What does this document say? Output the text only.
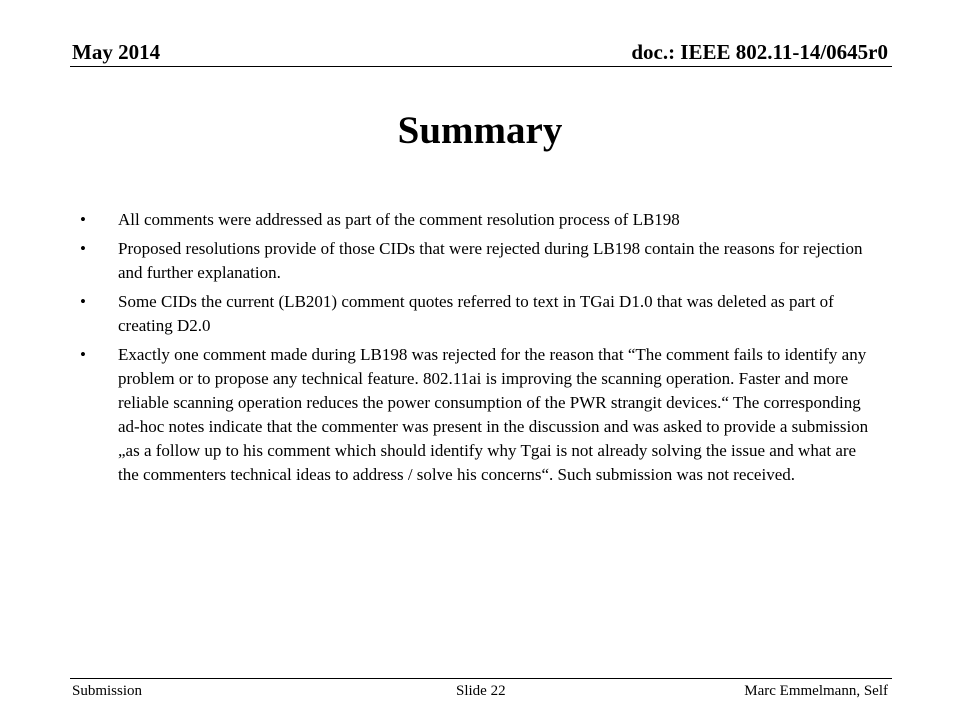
May 2014	doc.: IEEE 802.11-14/0645r0
Summary
• All comments were addressed as part of the comment resolution process of LB198
• Proposed resolutions provide of those CIDs that were rejected during LB198 contain the reasons for rejection and further explanation.
• Some CIDs the current (LB201) comment quotes referred to text in TGai D1.0 that was deleted as part of creating D2.0
• Exactly one comment made during LB198 was rejected for the reason that “The comment fails to identify any problem or to propose any technical feature. 802.11ai is improving the scanning operation. Faster and more reliable scanning operation reduces the power consumption of the PWR strangit devices.“ The corresponding ad-hoc notes indicate that the commenter was present in the discussion and was asked to provide a submission „as a follow up to his comment which should identify why Tgai is not already solving the issue and what are the commenters technical ideas to address / solve his concerns“. Such submission was not received.
Submission	Slide 22	Marc Emmelmann, Self
